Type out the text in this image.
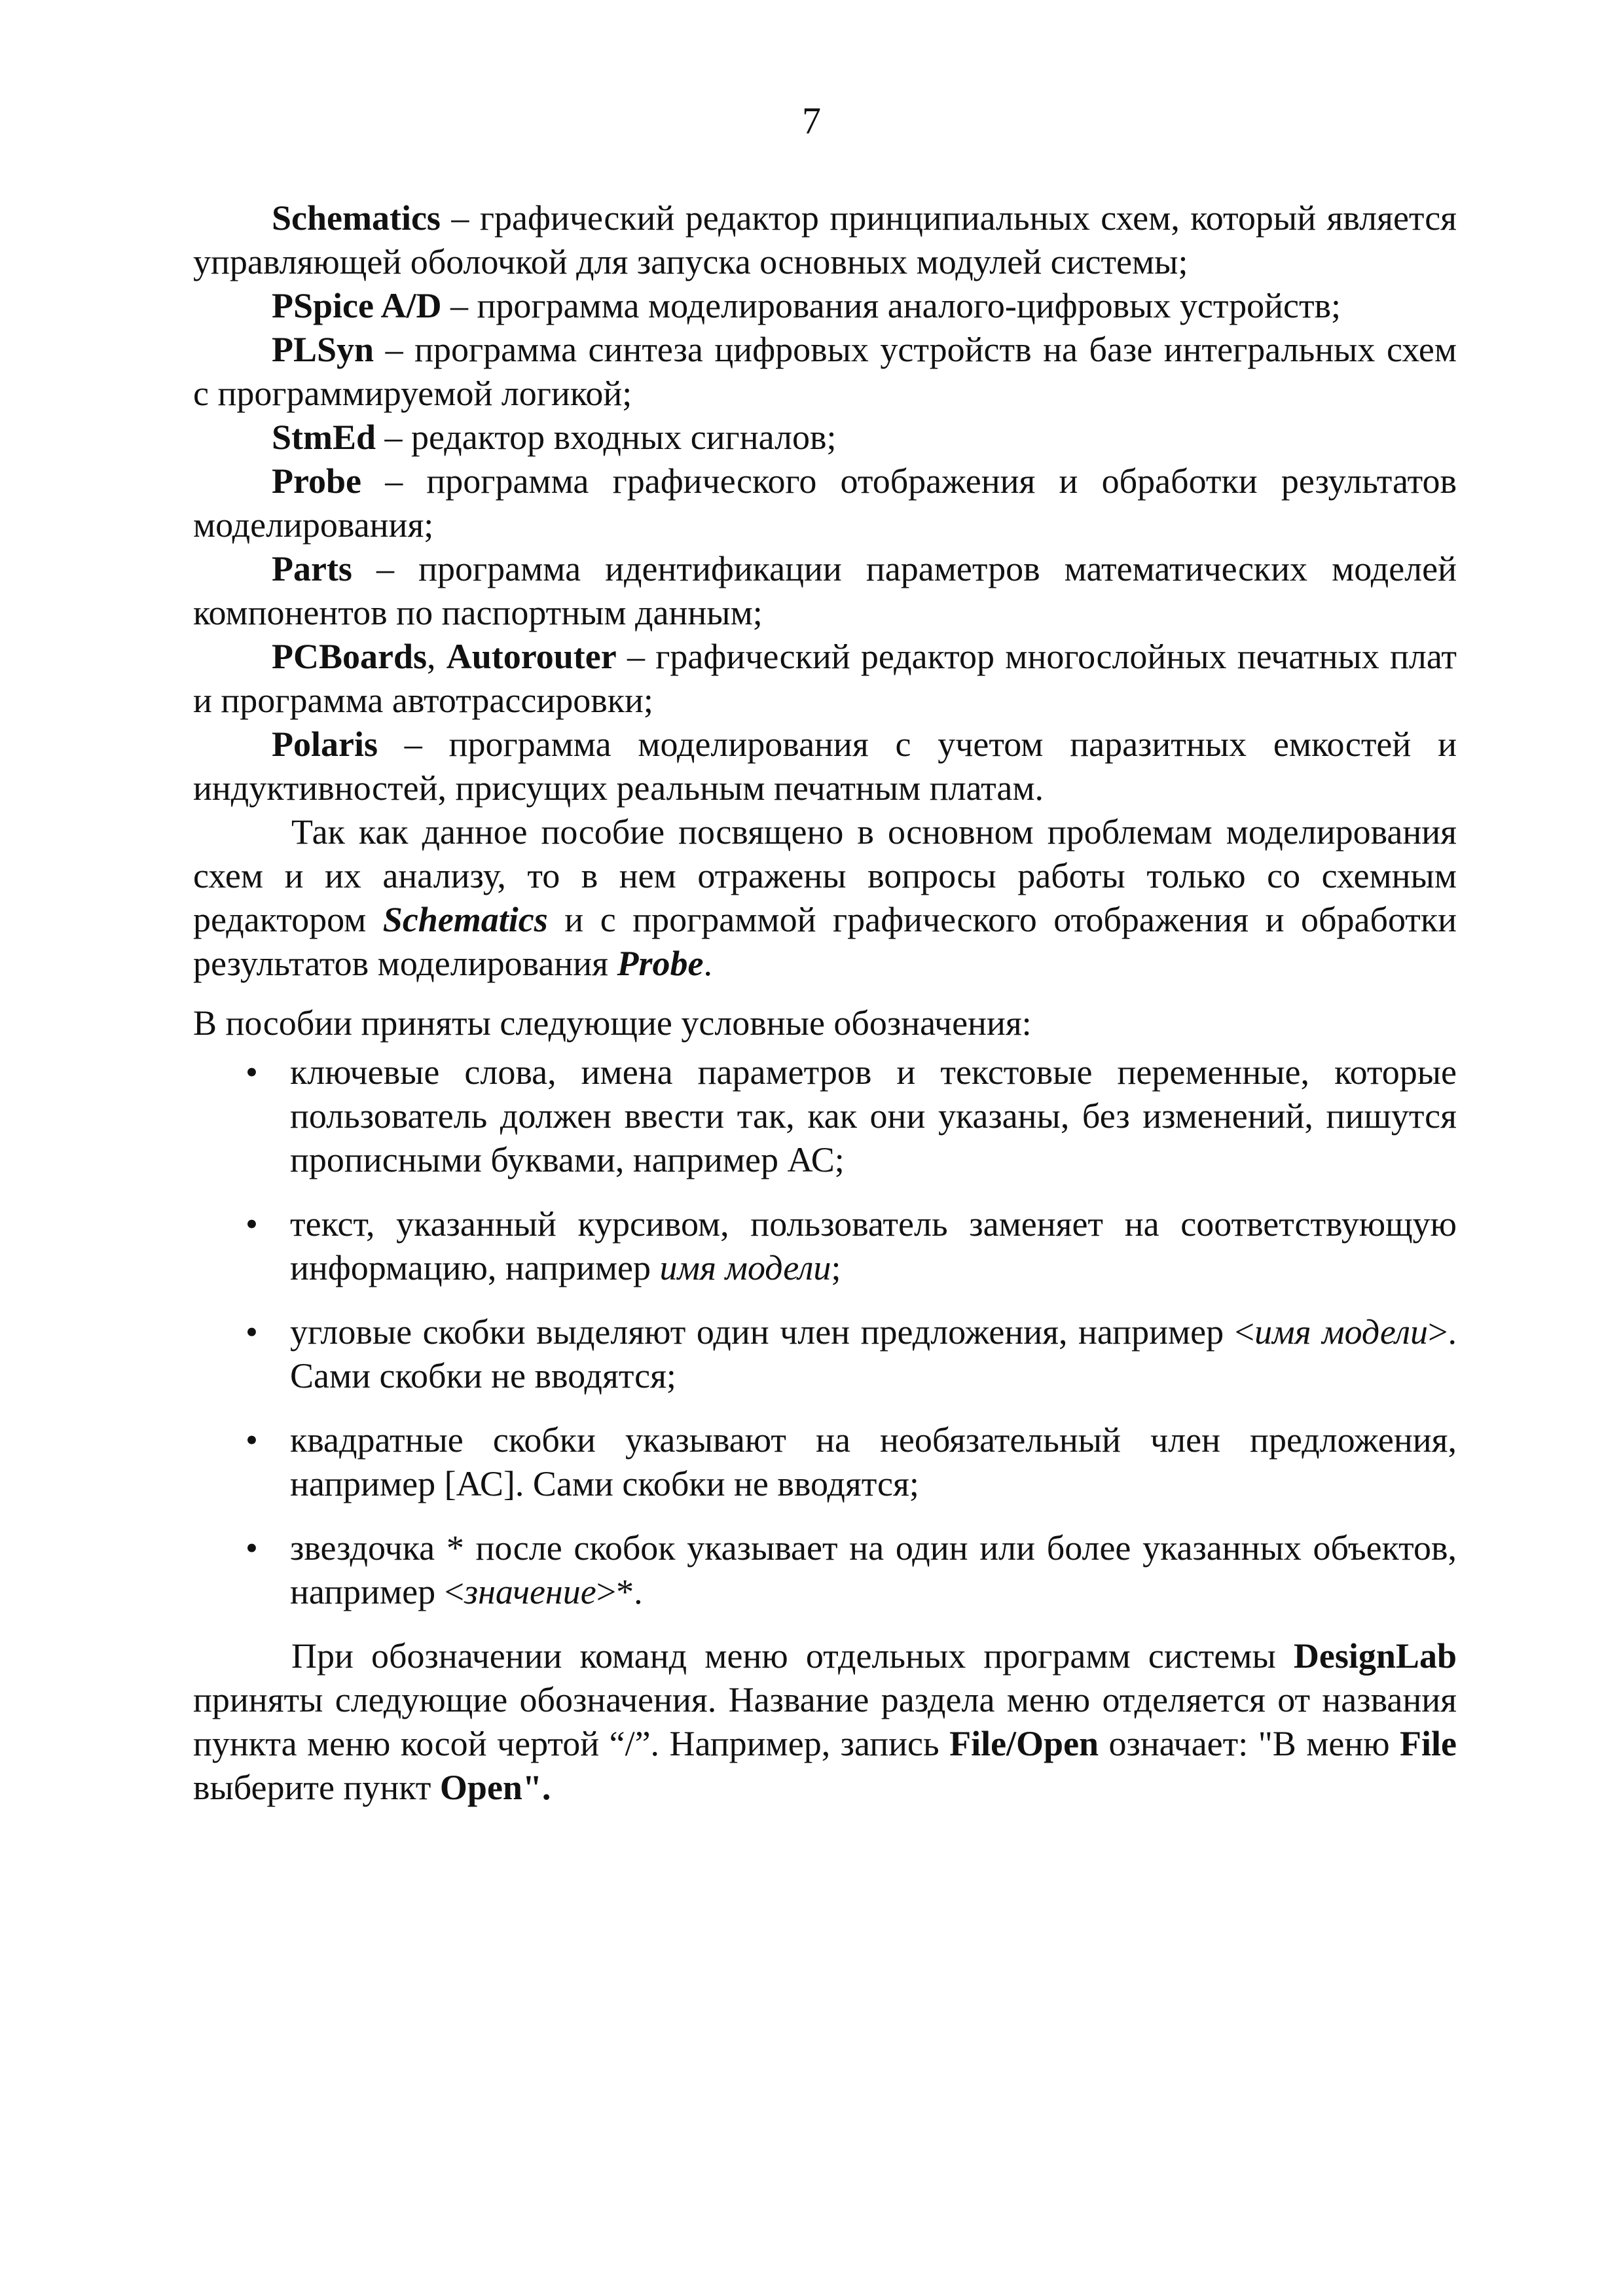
7

Schematics – графический редактор принципиальных схем, который является управляющей оболочкой для запуска основных модулей системы;

PSpice A/D – программа моделирования аналого-цифровых устройств;

PLSyn – программа синтеза цифровых устройств на базе интегральных схем с программируемой логикой;

StmEd – редактор входных сигналов;

Probe – программа графического отображения и обработки результатов моделирования;

Parts – программа идентификации параметров математических моделей компонентов по паспортным данным;

PCBoards, Autorouter – графический редактор многослойных печатных плат и программа автотрассировки;

Polaris – программа моделирования с учетом паразитных емкостей и индуктивностей, присущих реальным печатным платам.

Так как данное пособие посвящено в основном проблемам моделирования схем и их анализу, то в нем отражены вопросы работы только со схемным редактором Schematics и с программой графического отображения и обработки результатов моделирования Probe.

В пособии приняты следующие условные обозначения:

• ключевые слова, имена параметров и текстовые переменные, которые пользователь должен ввести так, как они указаны, без изменений, пишутся прописными буквами, например АС;
• текст, указанный курсивом, пользователь заменяет на соответствующую информацию, например имя модели;
• угловые скобки выделяют один член предложения, например <имя модели>. Сами скобки не вводятся;
• квадратные скобки указывают на необязательный член предложения, например [АС]. Сами скобки не вводятся;
• звездочка * после скобок указывает на один или более указанных объектов, например <значение>*.

При обозначении команд меню отдельных программ системы DesignLab приняты следующие обозначения. Название раздела меню отделяется от названия пункта меню косой чертой “/”. Например, запись File/Open означает: "В меню File выберите пункт Open".
